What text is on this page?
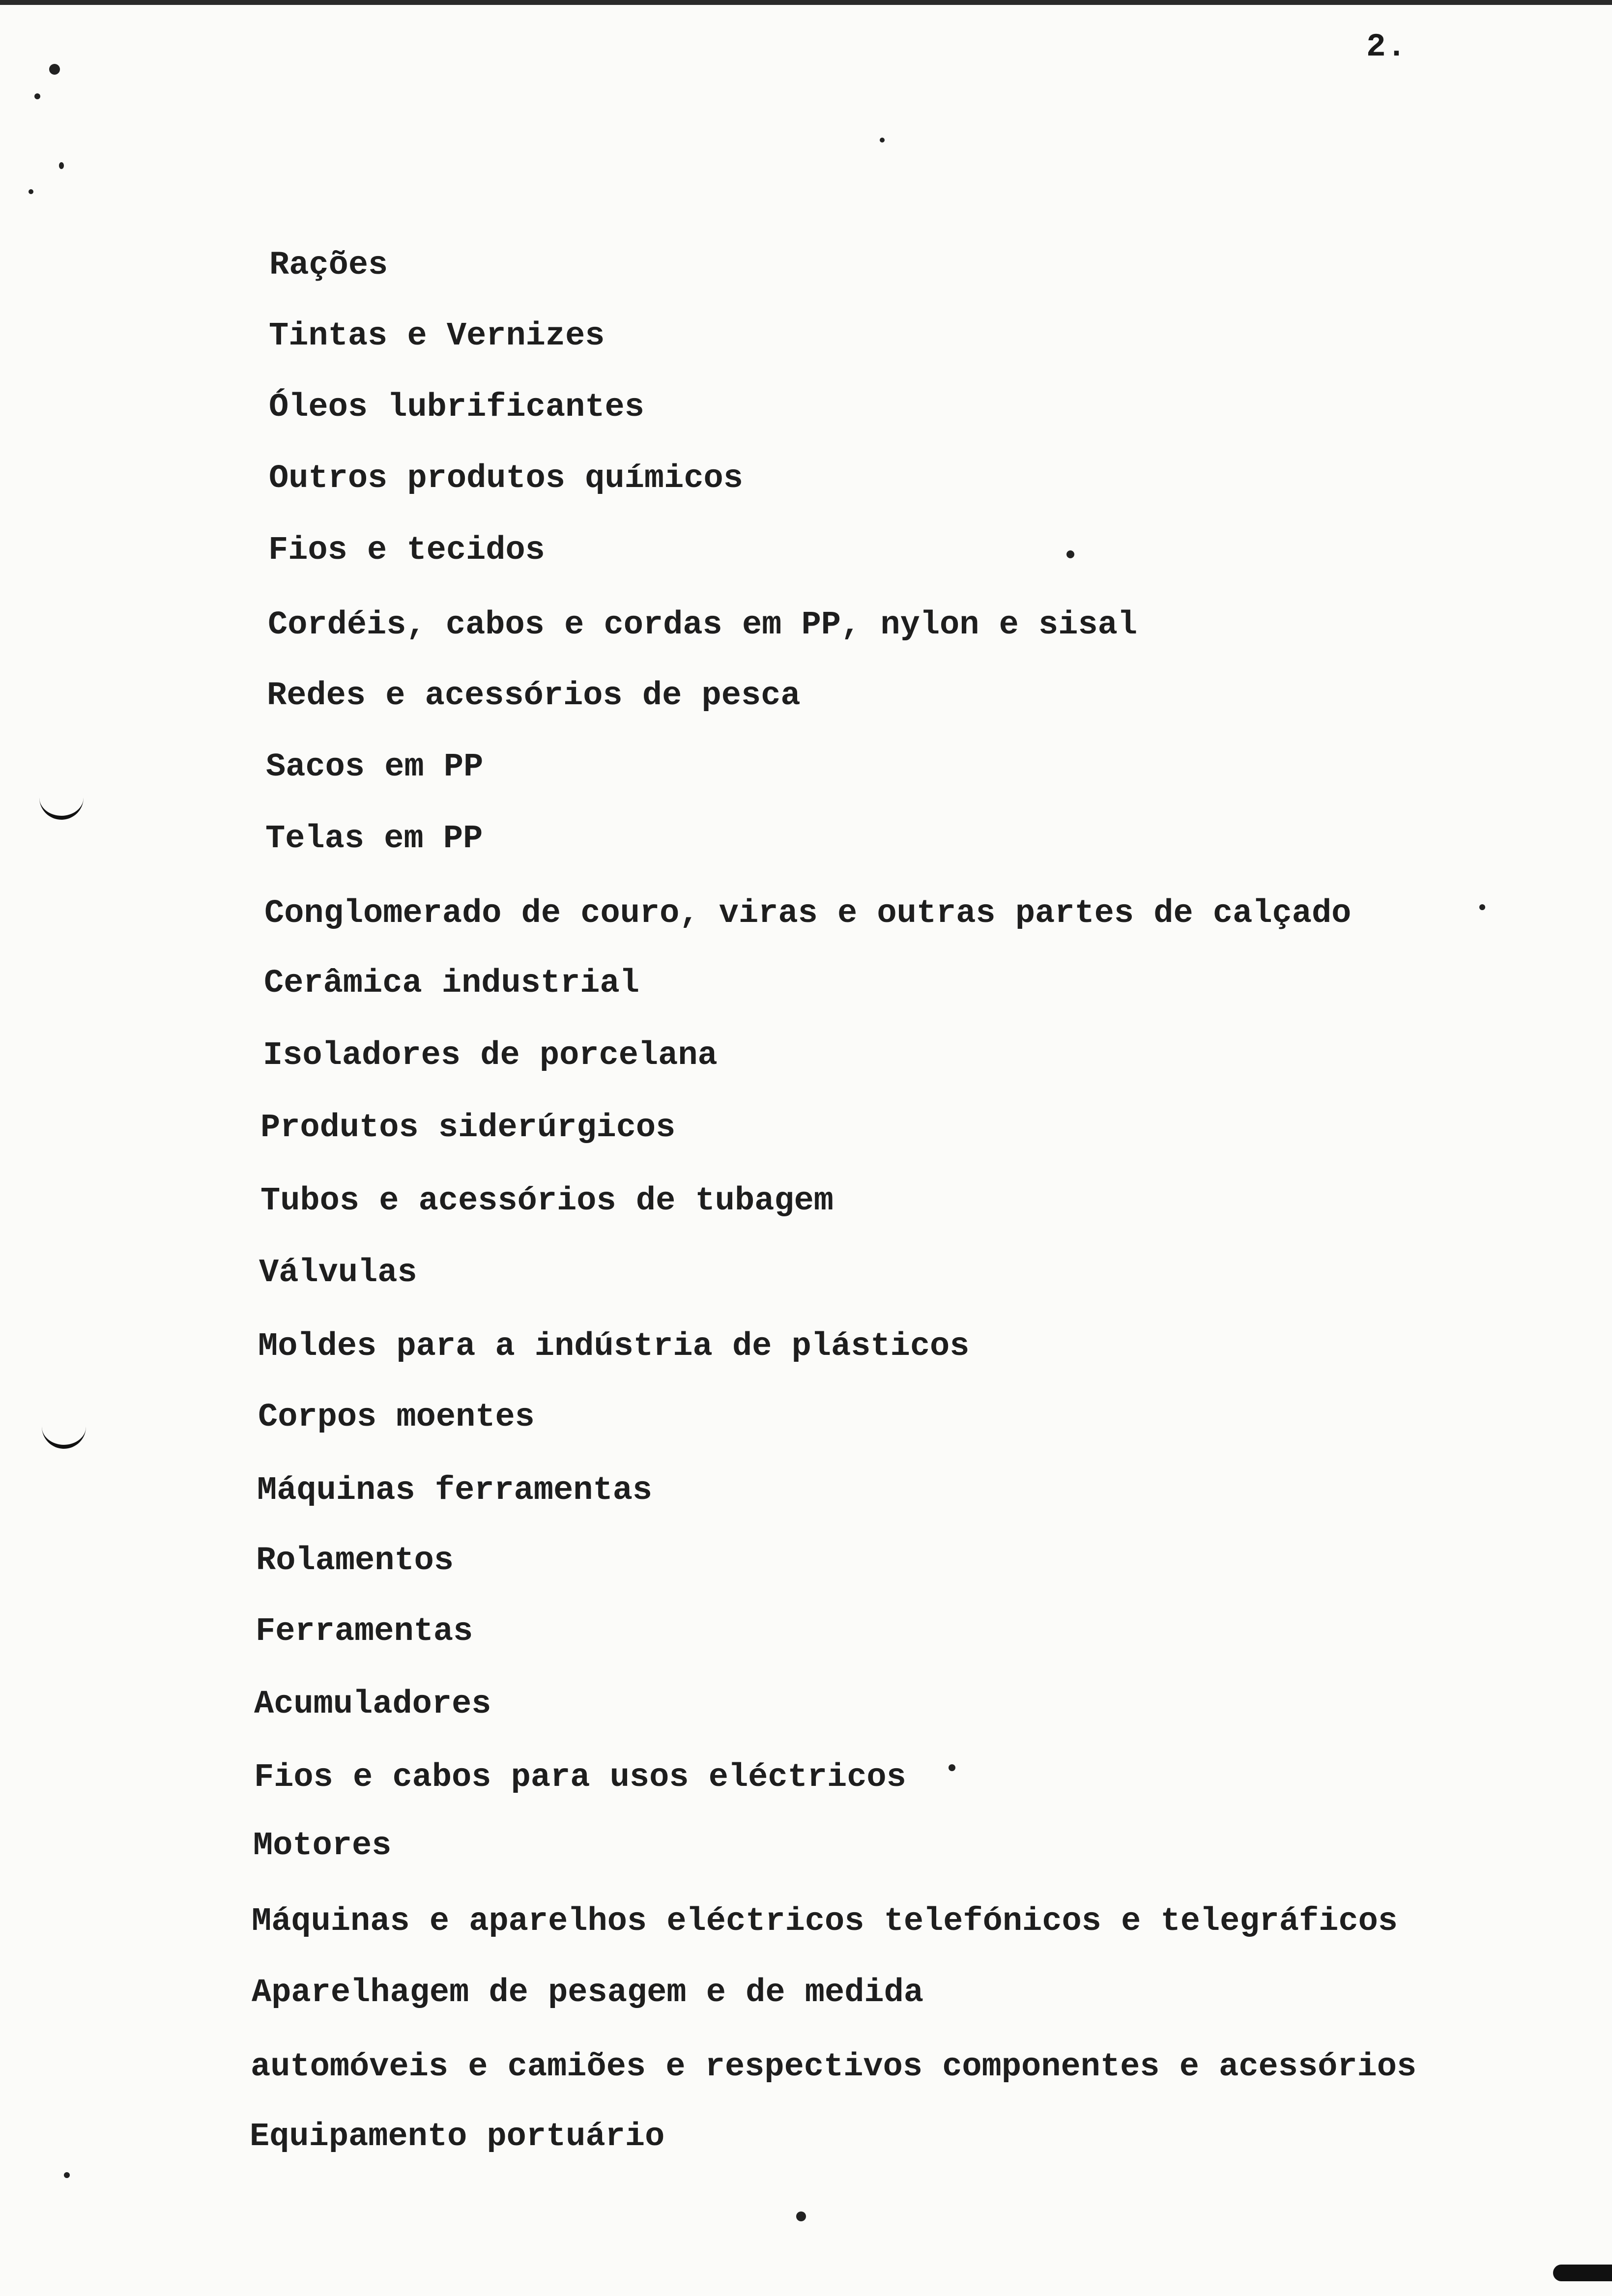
2.
Rações
Tintas e Vernizes
Óleos lubrificantes
Outros produtos químicos
Fios e tecidos
Cordéis, cabos e cordas em PP, nylon e sisal
Redes e acessórios de pesca
Sacos em PP
Telas em PP
Conglomerado de couro, viras e outras partes de calçado
Cerâmica industrial
Isoladores de porcelana
Produtos siderúrgicos
Tubos e acessórios de tubagem
Válvulas
Moldes para a indústria de plásticos
Corpos moentes
Máquinas ferramentas
Rolamentos
Ferramentas
Acumuladores
Fios e cabos para usos eléctricos
Motores
Máquinas e aparelhos eléctricos telefónicos e telegráficos
Aparelhagem de pesagem e de medida
automóveis e camiões e respectivos componentes e acessórios
Equipamento portuário
